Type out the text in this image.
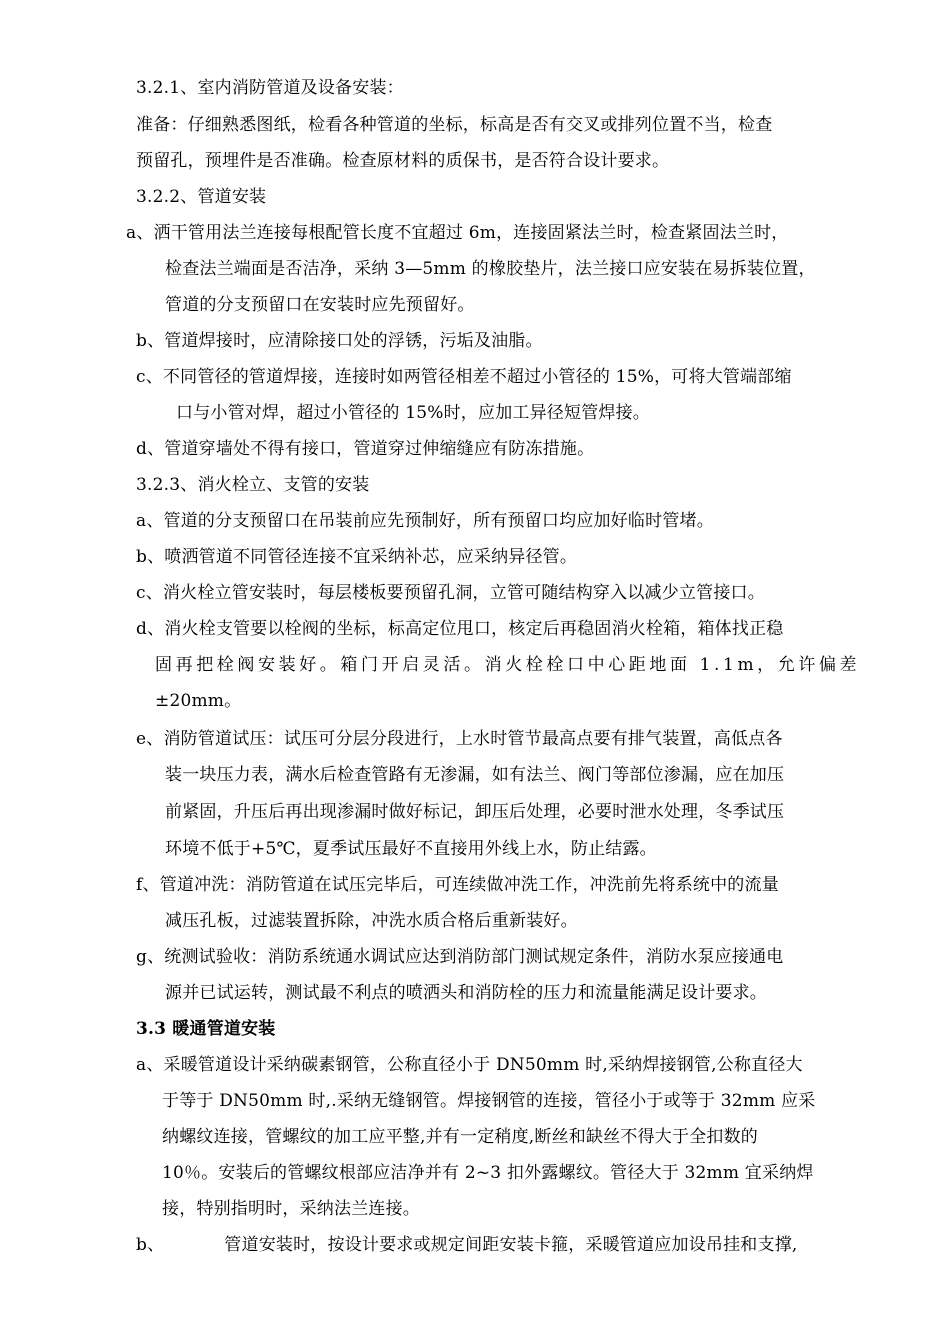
3.2.1、室内消防管道及设备安装：
准备：仔细熟悉图纸，检看各种管道的坐标，标高是否有交叉或排列位置不当，检查
预留孔，预埋件是否准确。检查原材料的质保书，是否符合设计要求。
3.2.2、管道安装
a、洒干管用法兰连接每根配管长度不宜超过 6m，连接固紧法兰时，检查紧固法兰时，
检查法兰端面是否洁净，采纳 3—5mm 的橡胶垫片，法兰接口应安装在易拆装位置，
管道的分支预留口在安装时应先预留好。
b、管道焊接时，应清除接口处的浮锈，污垢及油脂。
c、不同管径的管道焊接，连接时如两管径相差不超过小管径的 15%，可将大管端部缩
口与小管对焊，超过小管径的 15%时，应加工异径短管焊接。
d、管道穿墙处不得有接口，管道穿过伸缩缝应有防冻措施。
3.2.3、消火栓立、支管的安装
a、管道的分支预留口在吊装前应先预制好，所有预留口均应加好临时管堵。
b、喷洒管道不同管径连接不宜采纳补芯，应采纳异径管。
c、消火栓立管安装时，每层楼板要预留孔洞，立管可随结构穿入以减少立管接口。
d、消火栓支管要以栓阀的坐标，标高定位甩口，核定后再稳固消火栓箱，箱体找正稳
固再把栓阀安装好。箱门开启灵活。消火栓栓口中心距地面 1.1m，允许偏差
±20mm。
e、消防管道试压：试压可分层分段进行，上水时管节最高点要有排气装置，高低点各
装一块压力表，满水后检查管路有无渗漏，如有法兰、阀门等部位渗漏，应在加压
前紧固，升压后再出现渗漏时做好标记，卸压后处理，必要时泄水处理，冬季试压
环境不低于+5℃，夏季试压最好不直接用外线上水，防止结露。
f、管道冲洗：消防管道在试压完毕后，可连续做冲洗工作，冲洗前先将系统中的流量
减压孔板，过滤装置拆除，冲洗水质合格后重新装好。
g、统测试验收：消防系统通水调试应达到消防部门测试规定条件，消防水泵应接通电
源并已试运转，测试最不利点的喷洒头和消防栓的压力和流量能满足设计要求。
3.3 暖通管道安装
a、采暖管道设计采纳碳素钢管，公称直径小于 DN50mm 时,采纳焊接钢管,公称直径大
于等于 DN50mm 时,.采纳无缝钢管。焊接钢管的连接，管径小于或等于 32mm 应采
纳螺纹连接，管螺纹的加工应平整,并有一定稍度,断丝和缺丝不得大于全扣数的
10％。安装后的管螺纹根部应洁净并有 2~3 扣外露螺纹。管径大于 32mm 宜采纳焊
接，特别指明时，采纳法兰连接。
b、	管道安装时，按设计要求或规定间距安装卡箍，采暖管道应加设吊挂和支撑,
